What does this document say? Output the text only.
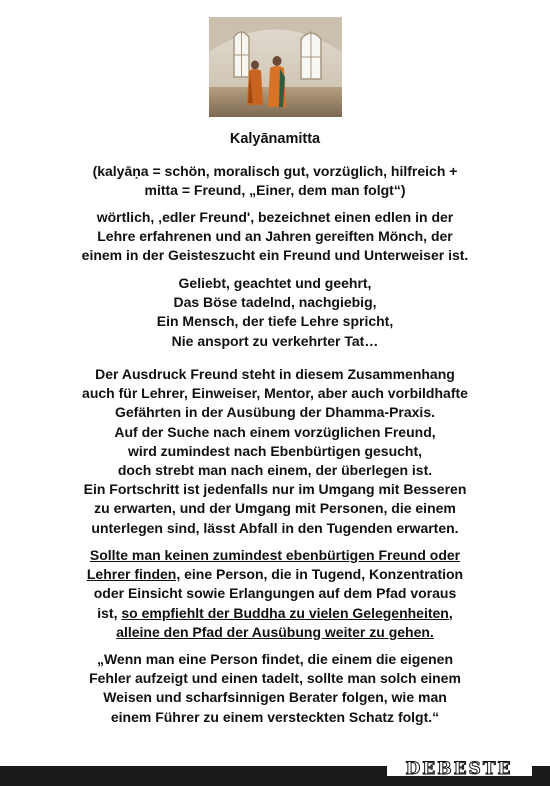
Kalyānamitta
(kalyāṇa = schön, moralisch gut, vorzüglich, hilfreich +
mitta = Freund, „Einer, dem man folgt“)
wörtlich, ‚edler Freund', bezeichnet einen edlen in der
Lehre erfahrenen und an Jahren gereiften Mönch, der
einem in der Geisteszucht ein Freund und Unterweiser ist.
Geliebt, geachtet und geehrt,
Das Böse tadelnd, nachgiebig,
Ein Mensch, der tiefe Lehre spricht,
Nie ansport zu verkehrter Tat…
Der Ausdruck Freund steht in diesem Zusammenhang
auch für Lehrer, Einweiser, Mentor, aber auch vorbildhafte
Gefährten in der Ausübung der Dhamma-Praxis.
Auf der Suche nach einem vorzüglichen Freund,
wird zumindest nach Ebenbürtigen gesucht,
doch strebt man nach einem, der überlegen ist.
Ein Fortschritt ist jedenfalls nur im Umgang mit Besseren
zu erwarten, und der Umgang mit Personen, die einem
unterlegen sind, lässt Abfall in den Tugenden erwarten.
Sollte man keinen zumindest ebenbürtigen Freund oder
Lehrer finden, eine Person, die in Tugend, Konzentration
oder Einsicht sowie Erlangungen auf dem Pfad voraus
ist, so empfiehlt der Buddha zu vielen Gelegenheiten,
alleine den Pfad der Ausübung weiter zu gehen.
„Wenn man eine Person findet, die einem die eigenen
Fehler aufzeigt und einen tadelt, sollte man solch einem
Weisen und scharfsinnigen Berater folgen, wie man
einem Führer zu einem versteckten Schatz folgt.“
DEBESTE
